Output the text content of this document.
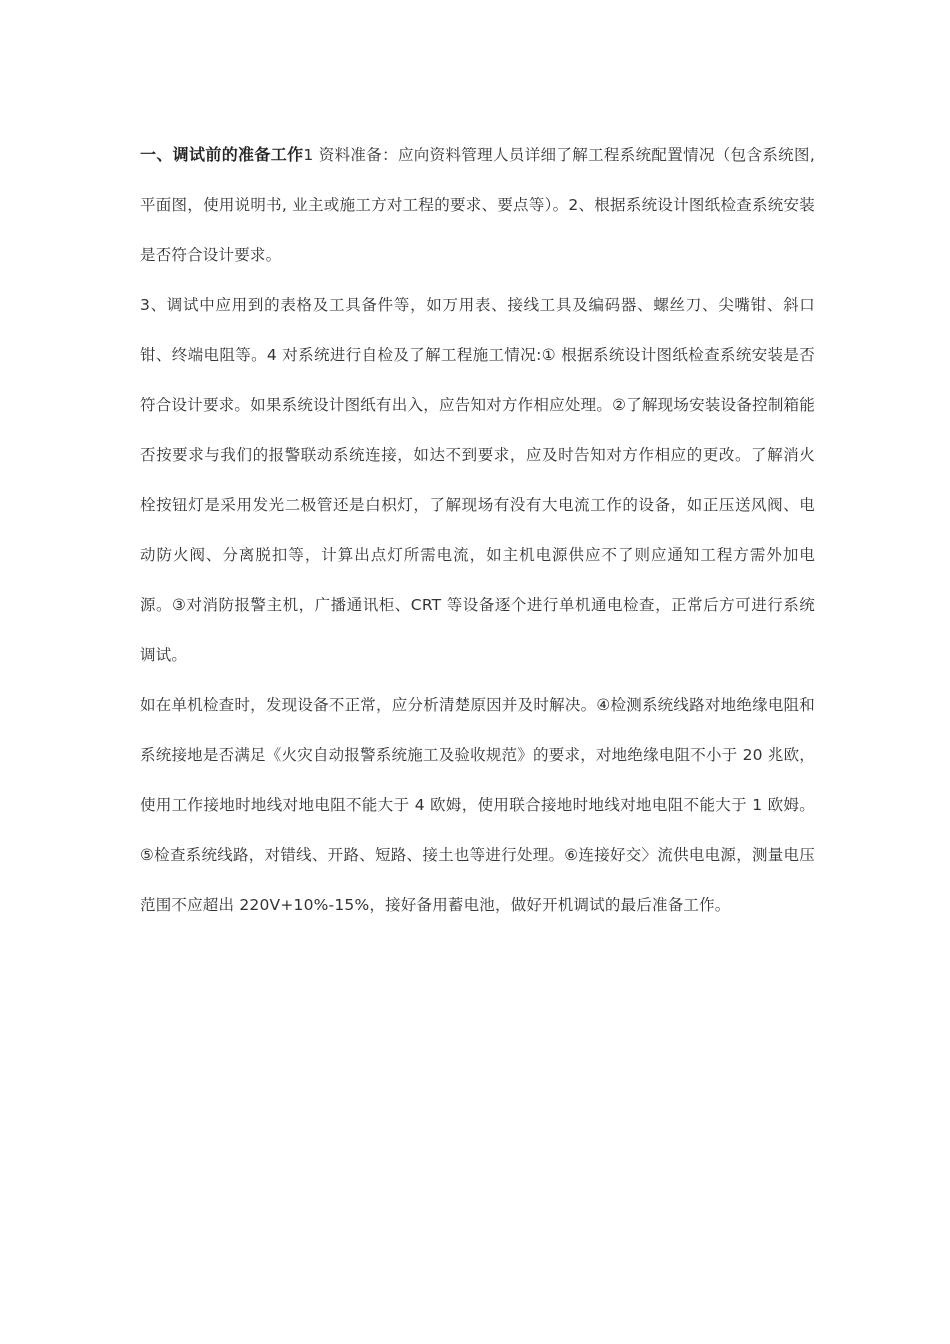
一、调试前的准备工作1 资料准备：应向资料管理人员详细了解工程系统配置情况（包含系统图, 平面图，使用说明书, 业主或施工方对工程的要求、要点等）。2、根据系统设计图纸检查系统安装是否符合设计要求。

3、调试中应用到的表格及工具备件等，如万用表、接线工具及编码器、螺丝刀、尖嘴钳、斜口钳、终端电阻等。4 对系统进行自检及了解工程施工情况:① 根据系统设计图纸检查系统安装是否符合设计要求。如果系统设计图纸有出入，应告知对方作相应处理。②了解现场安装设备控制箱能否按要求与我们的报警联动系统连接，如达不到要求，应及时告知对方作相应的更改。了解消火栓按钮灯是采用发光二极管还是白枳灯，了解现场有没有大电流工作的设备，如正压送风阀、电动防火阀、分离脱扣等，计算出点灯所需电流，如主机电源供应不了则应通知工程方需外加电源。③对消防报警主机，广播通讯柜、CRT 等设备逐个进行单机通电检查，正常后方可进行系统调试。

如在单机检查时，发现设备不正常，应分析清楚原因并及时解决。④检测系统线路对地绝缘电阻和系统接地是否满足《火灾自动报警系统施工及验收规范》的要求，对地绝缘电阻不小于 20 兆欧，使用工作接地时地线对地电阻不能大于 4 欧姆，使用联合接地时地线对地电阻不能大于 1 欧姆。⑤检查系统线路，对错线、开路、短路、接土也等进行处理。⑥连接好交〉流供电电源，测量电压范围不应超出 220V+10%-15%，接好备用蓄电池，做好开机调试的最后准备工作。
